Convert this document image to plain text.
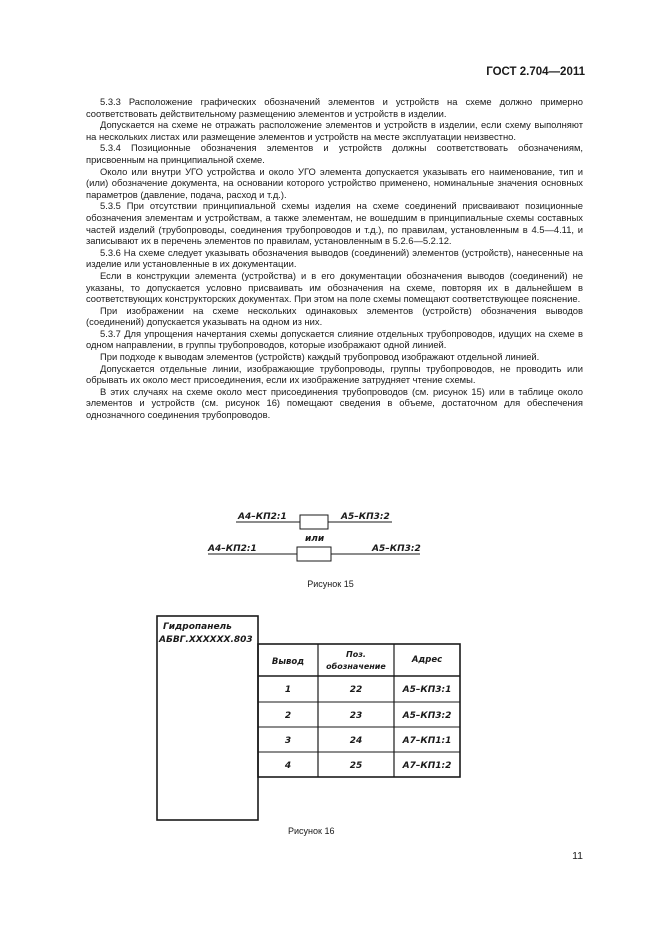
ГОСТ 2.704—2011

5.3.3 Расположение графических обозначений элементов и устройств на схеме должно примерно соответствовать действительному размещению элементов и устройств в изделии.

Допускается на схеме не отражать расположение элементов и устройств в изделии, если схему выполняют на нескольких листах или размещение элементов и устройств на месте эксплуатации неизвестно.

5.3.4 Позиционные обозначения элементов и устройств должны соответствовать обозначениям, присвоенным на принципиальной схеме.

Около или внутри УГО устройства и около УГО элемента допускается указывать его наименование, тип и (или) обозначение документа, на основании которого устройство применено, номинальные значения основных параметров (давление, подача, расход и т.д.).

5.3.5 При отсутствии принципиальной схемы изделия на схеме соединений присваивают позиционные обозначения элементам и устройствам, а также элементам, не вошедшим в принципиальные схемы составных частей изделий (трубопроводы, соединения трубопроводов и т.д.), по правилам, установленным в 4.5—4.11, и записывают их в перечень элементов по правилам, установленным в 5.2.6—5.2.12.

5.3.6 На схеме следует указывать обозначения выводов (соединений) элементов (устройств), нанесенные на изделие или установленные в их документации.

Если в конструкции элемента (устройства) и в его документации обозначения выводов (соединений) не указаны, то допускается условно присваивать им обозначения на схеме, повторяя их в дальнейшем в соответствующих конструкторских документах. При этом на поле схемы помещают соответствующее пояснение.

При изображении на схеме нескольких одинаковых элементов (устройств) обозначения выводов (соединений) допускается указывать на одном из них.

5.3.7 Для упрощения начертания схемы допускается слияние отдельных трубопроводов, идущих на схеме в одном направлении, в группы трубопроводов, которые изображают одной линией.

При подходе к выводам элементов (устройств) каждый трубопровод изображают отдельной линией.

Допускается отдельные линии, изображающие трубопроводы, группы трубопроводов, не проводить или обрывать их около мест присоединения, если их изображение затрудняет чтение схемы.

В этих случаях на схеме около мест присоединения трубопроводов (см. рисунок 15) или в таблице около элементов и устройств (см. рисунок 16) помещают сведения в объеме, достаточном для обеспечения однозначного соединения трубопроводов.

А4–КП2:1	А5–КП3:2
или
А4–КП2:1	А5–КП3:2
Рисунок 15
Гидропанель
АБВГ.XXXXXX.803
Вывод
Поз.
обозначение
Адрес
1	22	А5–КП3:1
2	23	А5–КП3:2
3	24	А7–КП1:1
4	25	А7–КП1:2
Рисунок 16
11
